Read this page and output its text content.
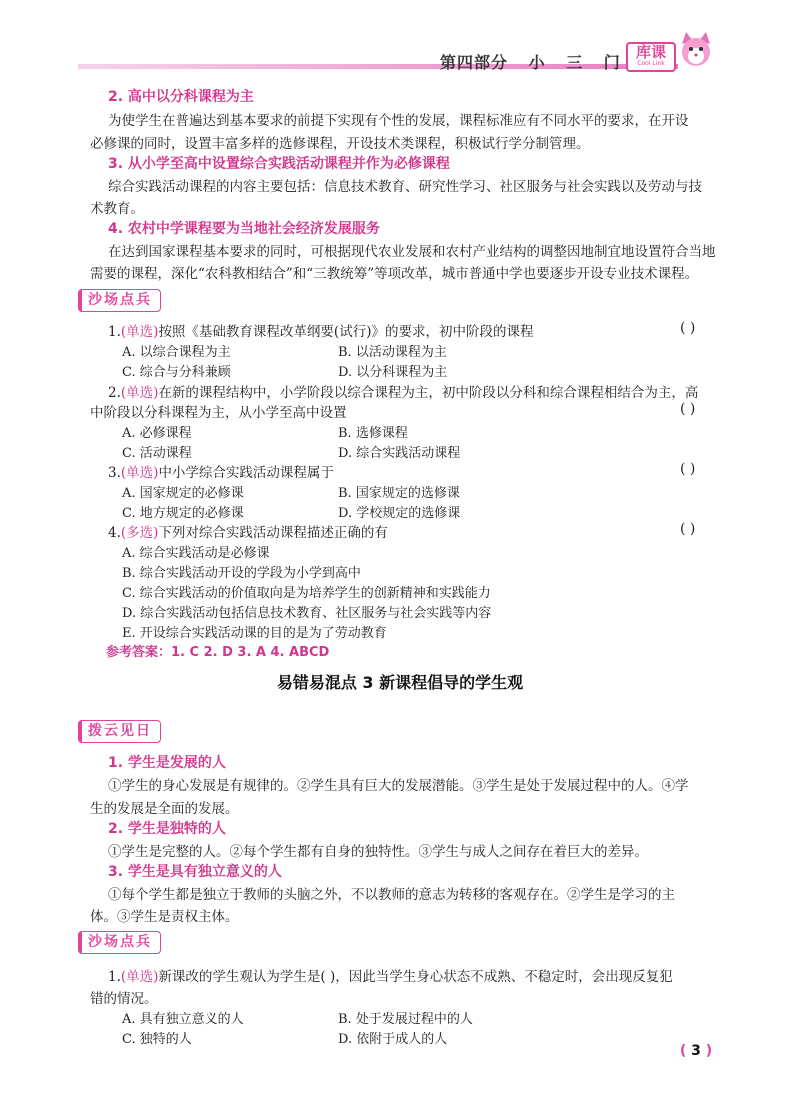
第四部分 小 三 门
库课
Cool Link
2. 高中以分科课程为主
为使学生在普遍达到基本要求的前提下实现有个性的发展，课程标准应有不同水平的要求，在开设
必修课的同时，设置丰富多样的选修课程，开设技术类课程，积极试行学分制管理。
3. 从小学至高中设置综合实践活动课程并作为必修课程
综合实践活动课程的内容主要包括：信息技术教育、研究性学习、社区服务与社会实践以及劳动与技
术教育。
4. 农村中学课程要为当地社会经济发展服务
在达到国家课程基本要求的同时，可根据现代农业发展和农村产业结构的调整因地制宜地设置符合当地
需要的课程，深化“农科教相结合”和“三教统筹”等项改革，城市普通中学也要逐步开设专业技术课程。
沙场点兵
1.(单选)按照《基础教育课程改革纲要(试行)》的要求，初中阶段的课程	( )
A. 以综合课程为主	B. 以活动课程为主
C. 综合与分科兼顾	D. 以分科课程为主
2.(单选)在新的课程结构中，小学阶段以综合课程为主，初中阶段以分科和综合课程相结合为主，高
中阶段以分科课程为主，从小学至高中设置	( )
A. 必修课程	B. 选修课程
C. 活动课程	D. 综合实践活动课程
3.(单选)中小学综合实践活动课程属于	( )
A. 国家规定的必修课	B. 国家规定的选修课
C. 地方规定的必修课	D. 学校规定的选修课
4.(多选)下列对综合实践活动课程描述正确的有	( )
A. 综合实践活动是必修课
B. 综合实践活动开设的学段为小学到高中
C. 综合实践活动的价值取向是为培养学生的创新精神和实践能力
D. 综合实践活动包括信息技术教育、社区服务与社会实践等内容
E. 开设综合实践活动课的目的是为了劳动教育
参考答案：1. C 2. D 3. A 4. ABCD
易错易混点 3 新课程倡导的学生观
拨云见日
1. 学生是发展的人
①学生的身心发展是有规律的。②学生具有巨大的发展潜能。③学生是处于发展过程中的人。④学
生的发展是全面的发展。
2. 学生是独特的人
①学生是完整的人。②每个学生都有自身的独特性。③学生与成人之间存在着巨大的差异。
3. 学生是具有独立意义的人
①每个学生都是独立于教师的头脑之外，不以教师的意志为转移的客观存在。②学生是学习的主
体。③学生是责权主体。
沙场点兵
1.(单选)新课改的学生观认为学生是( )，因此当学生身心状态不成熟、不稳定时，会出现反复犯
错的情况。
A. 具有独立意义的人	B. 处于发展过程中的人
C. 独特的人	D. 依附于成人的人
( 3 )
